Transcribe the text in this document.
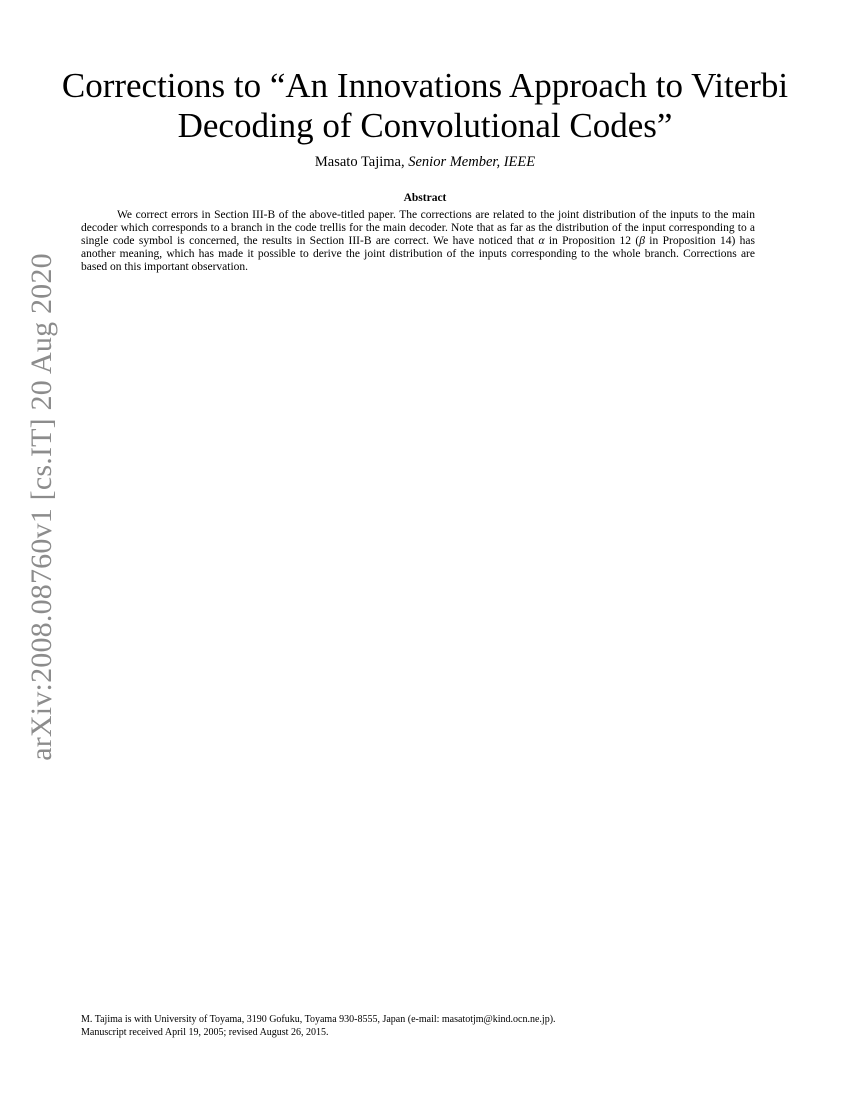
arXiv:2008.08760v1 [cs.IT] 20 Aug 2020
Corrections to “An Innovations Approach to Viterbi
Decoding of Convolutional Codes”
Masato Tajima, Senior Member, IEEE
Abstract

We correct errors in Section III-B of the above-titled paper. The corrections are related to the joint distribution of the inputs to the main decoder which corresponds to a branch in the code trellis for the main decoder. Note that as far as the distribution of the input corresponding to a single code symbol is concerned, the results in Section III-B are correct. We have noticed that α in Proposition 12 (β in Proposition 14) has another meaning, which has made it possible to derive the joint distribution of the inputs corresponding to the whole branch. Corrections are based on this important observation.

M. Tajima is with University of Toyama, 3190 Gofuku, Toyama 930-8555, Japan (e-mail: masatotjm@kind.ocn.ne.jp).

Manuscript received April 19, 2005; revised August 26, 2015.
